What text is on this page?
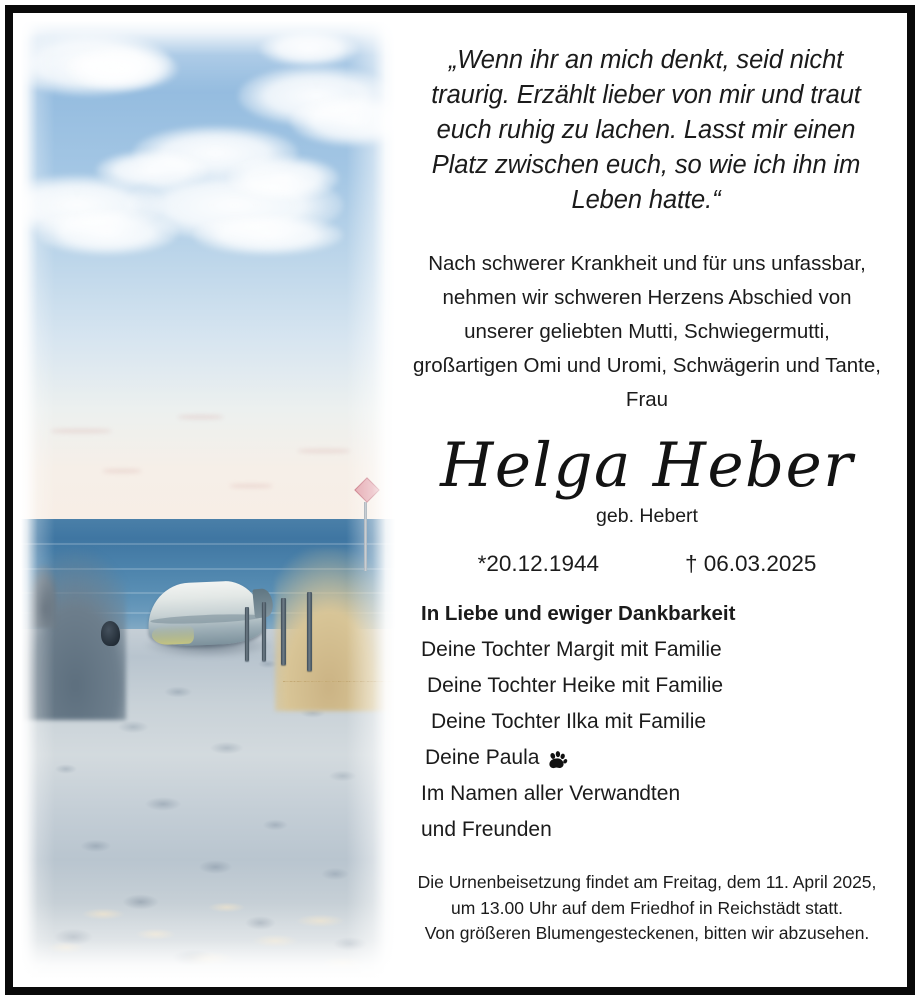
„Wenn ihr an mich denkt, seid nicht traurig. Erzählt lieber von mir und traut euch ruhig zu lachen. Lasst mir einen Platz zwischen euch, so wie ich ihn im Leben hatte.“
Nach schwerer Krankheit und für uns unfassbar,
nehmen wir schweren Herzens Abschied von
unserer geliebten Mutti, Schwiegermutti,
großartigen Omi und Uromi, Schwägerin und Tante,
Frau
Helga Heber
geb. Hebert
*20.12.1944	† 06.03.2025
In Liebe und ewiger Dankbarkeit
Deine Tochter Margit mit Familie
Deine Tochter Heike mit Familie
Deine Tochter Ilka mit Familie
Deine Paula
Im Namen aller Verwandten
und Freunden
Die Urnenbeisetzung findet am Freitag, dem 11. April 2025,
um 13.00 Uhr auf dem Friedhof in Reichstädt statt.
Von größeren Blumengesteckenen, bitten wir abzusehen.
